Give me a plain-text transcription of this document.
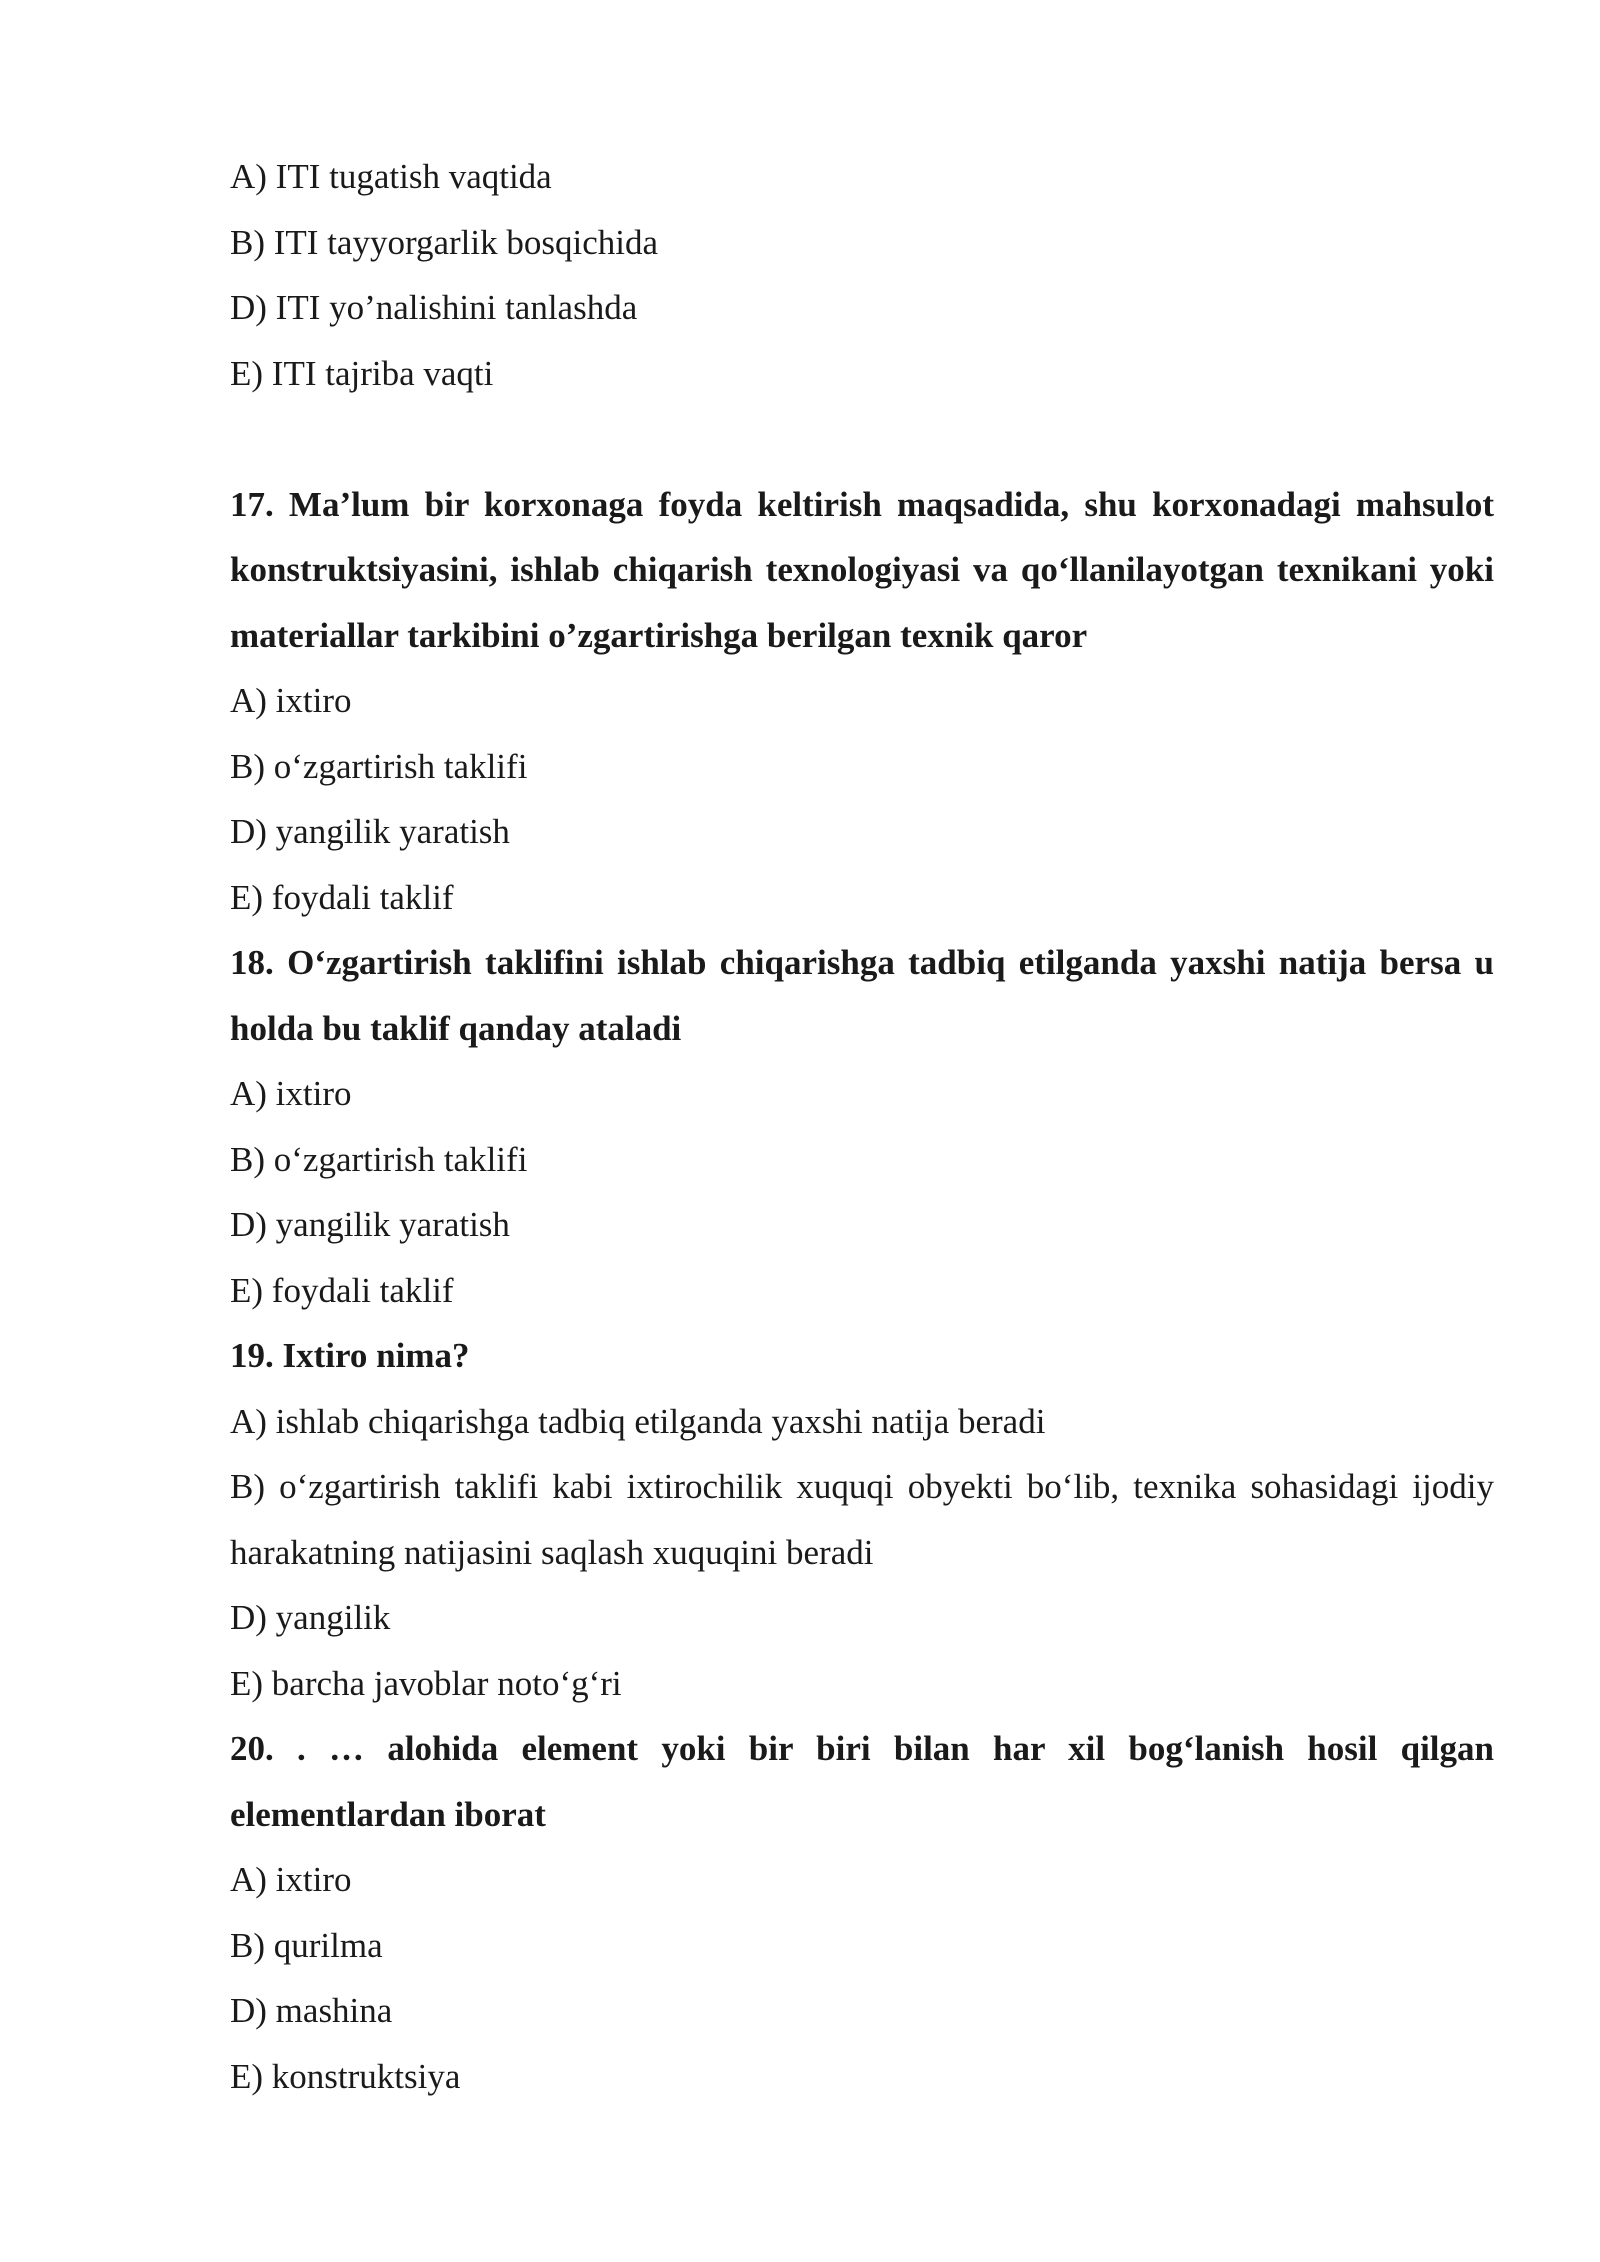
A) ITI tugatish vaqtida

B) ITI tayyorgarlik bosqichida

D) ITI yo’nalishini tanlashda

E) ITI tajriba vaqti

17. Ma’lum bir korxonaga foyda keltirish maqsadida, shu korxonadagi mahsulot konstruktsiyasini, ishlab chiqarish texnologiyasi va qo‘llanilayotgan texnikani yoki materiallar tarkibini o’zgartirishga berilgan texnik qaror

A) ixtiro

B) o‘zgartirish taklifi

D) yangilik yaratish

E) foydali taklif

18. O‘zgartirish taklifini ishlab chiqarishga tadbiq etilganda yaxshi natija bersa u holda bu taklif qanday ataladi

A) ixtiro

B) o‘zgartirish taklifi

D) yangilik yaratish

E) foydali taklif

19. Ixtiro nima?

A) ishlab chiqarishga tadbiq etilganda yaxshi natija beradi

B) o‘zgartirish taklifi kabi ixtirochilik xuquqi obyekti bo‘lib, texnika sohasidagi ijodiy harakatning natijasini saqlash xuquqini beradi

D) yangilik

E) barcha javoblar noto‘g‘ri

20. . … alohida element yoki bir biri bilan har xil bog‘lanish hosil qilgan elementlardan iborat

A) ixtiro

B) qurilma

D) mashina

E) konstruktsiya
